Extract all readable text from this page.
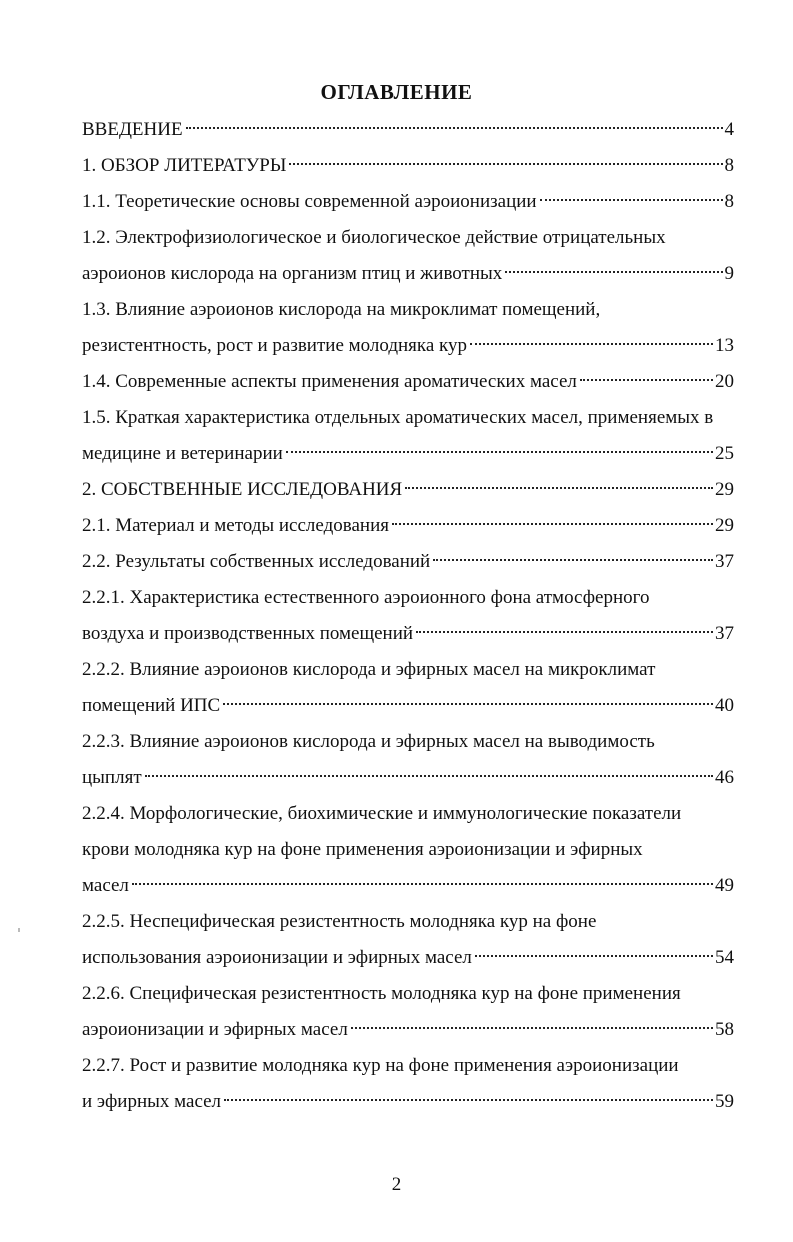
ОГЛАВЛЕНИЕ
ВВЕДЕНИЕ	4
1. ОБЗОР ЛИТЕРАТУРЫ	8
1.1. Теоретические основы современной аэроионизации	8
1.2. Электрофизиологическое и биологическое действие отрицательных
аэроионов кислорода на организм птиц и животных	9
1.3. Влияние аэроионов кислорода на микроклимат помещений,
резистентность, рост и развитие молодняка кур	13
1.4. Современные аспекты применения ароматических масел	20
1.5. Краткая характеристика отдельных ароматических масел, применяемых в
медицине и ветеринарии	25
2. СОБСТВЕННЫЕ ИССЛЕДОВАНИЯ	29
2.1. Материал и методы исследования	29
2.2. Результаты собственных исследований	37
2.2.1. Характеристика естественного аэроионного фона атмосферного
воздуха и производственных помещений	37
2.2.2. Влияние аэроионов кислорода и эфирных масел на микроклимат
помещений ИПС	40
2.2.3. Влияние аэроионов кислорода и эфирных масел на выводимость
цыплят	46
2.2.4. Морфологические, биохимические и иммунологические показатели
крови молодняка кур на фоне применения аэроионизации и эфирных
масел	49
2.2.5. Неспецифическая резистентность молодняка кур на фоне
использования аэроионизации и эфирных масел	54
2.2.6. Специфическая резистентность молодняка кур на фоне применения
аэроионизации и эфирных масел	58
2.2.7. Рост и развитие молодняка кур на фоне применения аэроионизации
и эфирных масел	59
2
